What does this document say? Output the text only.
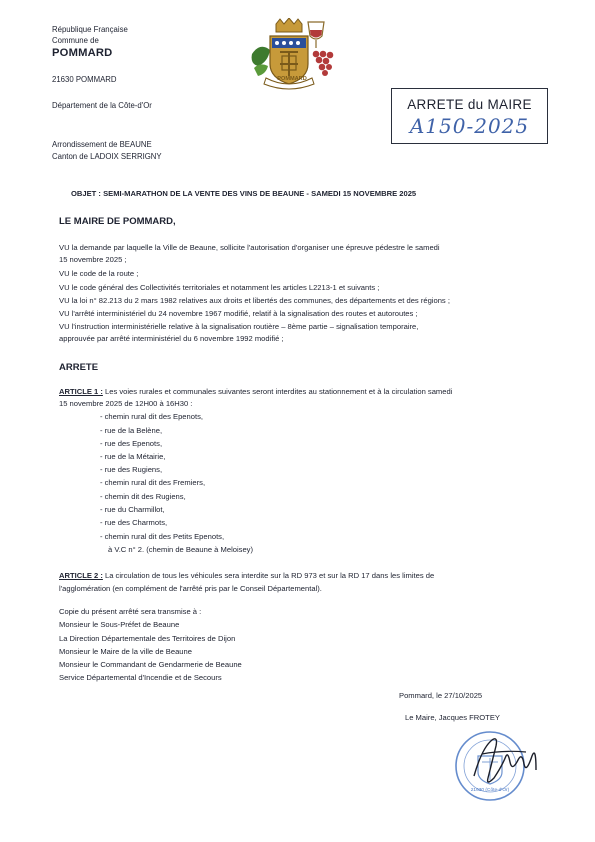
République Française
Commune de
POMMARD
21630 POMMARD
Département de la Côte-d'Or
Arrondissement de BEAUNE
Canton de LADOIX SERRIGNY
POMMARD
ARRETE du MAIRE
A150-2025
OBJET : SEMI-MARATHON DE LA VENTE DES VINS DE BEAUNE - SAMEDI 15 NOVEMBRE 2025
LE MAIRE DE POMMARD,
VU la demande par laquelle la Ville de Beaune, sollicite l'autorisation d'organiser une épreuve pédestre le samedi
15 novembre 2025 ;
VU le code de la route ;
VU le code général des Collectivités territoriales et notamment les articles L2213-1 et suivants ;
VU la loi n° 82.213 du 2 mars 1982 relatives aux droits et libertés des communes, des départements et des régions ;
VU l'arrêté interministériel du 24 novembre 1967 modifié, relatif à la signalisation des routes et autoroutes ;
VU l'instruction interministérielle relative à la signalisation routière – 8ème partie – signalisation temporaire,
approuvée par arrêté interministériel du 6 novembre 1992 modifié ;
ARRETE
ARTICLE 1 : Les voies rurales et communales suivantes seront interdites au stationnement et à la circulation samedi
15 novembre 2025 de 12H00 à 16H30 :
- chemin rural dit des Epenots,
- rue de la Belène,
- rue des Epenots,
- rue de la Métairie,
- rue des Rugiens,
- chemin rural dit des Fremiers,
- chemin dit des Rugiens,
- rue du Charmillot,
- rue des Charmots,
- chemin rural dit des Petits Epenots,
à V.C n° 2. (chemin de Beaune à Meloisey)
ARTICLE 2 : La circulation de tous les véhicules sera interdite sur la RD 973 et sur la RD 17 dans les limites de
l'agglomération (en complément de l'arrêté pris par le Conseil Départemental).
Copie du présent arrêté sera transmise à :
Monsieur le Sous-Préfet de Beaune
La Direction Départementale des Territoires de Dijon
Monsieur le Maire de la ville de Beaune
Monsieur le Commandant de Gendarmerie de Beaune
Service Départemental d'Incendie et de Secours
Pommard, le 27/10/2025
Le Maire, Jacques FROTEY
21630 (Côte-d'Or)
